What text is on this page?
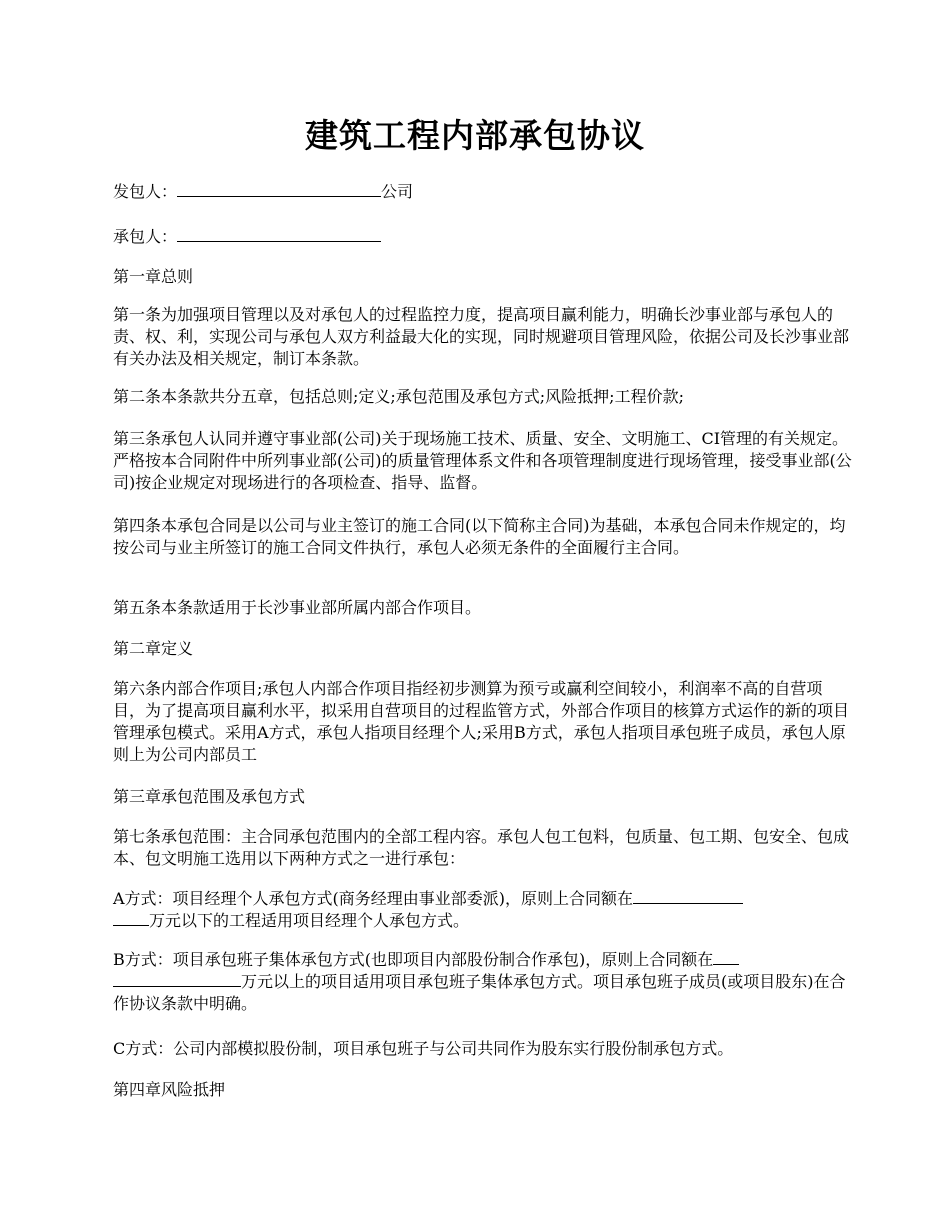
建筑工程内部承包协议
发包人：	公司
承包人：
第一章总则
第一条为加强项目管理以及对承包人的过程监控力度，提高项目赢利能力，明确长沙事业部与承包人的责、权、利，实现公司与承包人双方利益最大化的实现，同时规避项目管理风险，依据公司及长沙事业部有关办法及相关规定，制订本条款。
第二条本条款共分五章，包括总则;定义;承包范围及承包方式;风险抵押;工程价款;
第三条承包人认同并遵守事业部(公司)关于现场施工技术、质量、安全、文明施工、CI管理的有关规定。严格按本合同附件中所列事业部(公司)的质量管理体系文件和各项管理制度进行现场管理，接受事业部(公司)按企业规定对现场进行的各项检查、指导、监督。
第四条本承包合同是以公司与业主签订的施工合同(以下简称主合同)为基础，本承包合同未作规定的，均按公司与业主所签订的施工合同文件执行，承包人必须无条件的全面履行主合同。
第五条本条款适用于长沙事业部所属内部合作项目。
第二章定义
第六条内部合作项目;承包人内部合作项目指经初步测算为预亏或赢利空间较小，利润率不高的自营项目，为了提高项目赢利水平，拟采用自营项目的过程监管方式，外部合作项目的核算方式运作的新的项目管理承包模式。采用A方式，承包人指项目经理个人;采用B方式，承包人指项目承包班子成员，承包人原则上为公司内部员工
第三章承包范围及承包方式
第七条承包范围：主合同承包范围内的全部工程内容。承包人包工包料，包质量、包工期、包安全、包成本、包文明施工选用以下两种方式之一进行承包：
A方式：项目经理个人承包方式(商务经理由事业部委派)，原则上合同额在
万元以下的工程适用项目经理个人承包方式。
B方式：项目承包班子集体承包方式(也即项目内部股份制合作承包)，原则上合同额在
万元以上的项目适用项目承包班子集体承包方式。项目承包班子成员(或项目股东)在合作协议条款中明确。
C方式：公司内部模拟股份制，项目承包班子与公司共同作为股东实行股份制承包方式。
第四章风险抵押
